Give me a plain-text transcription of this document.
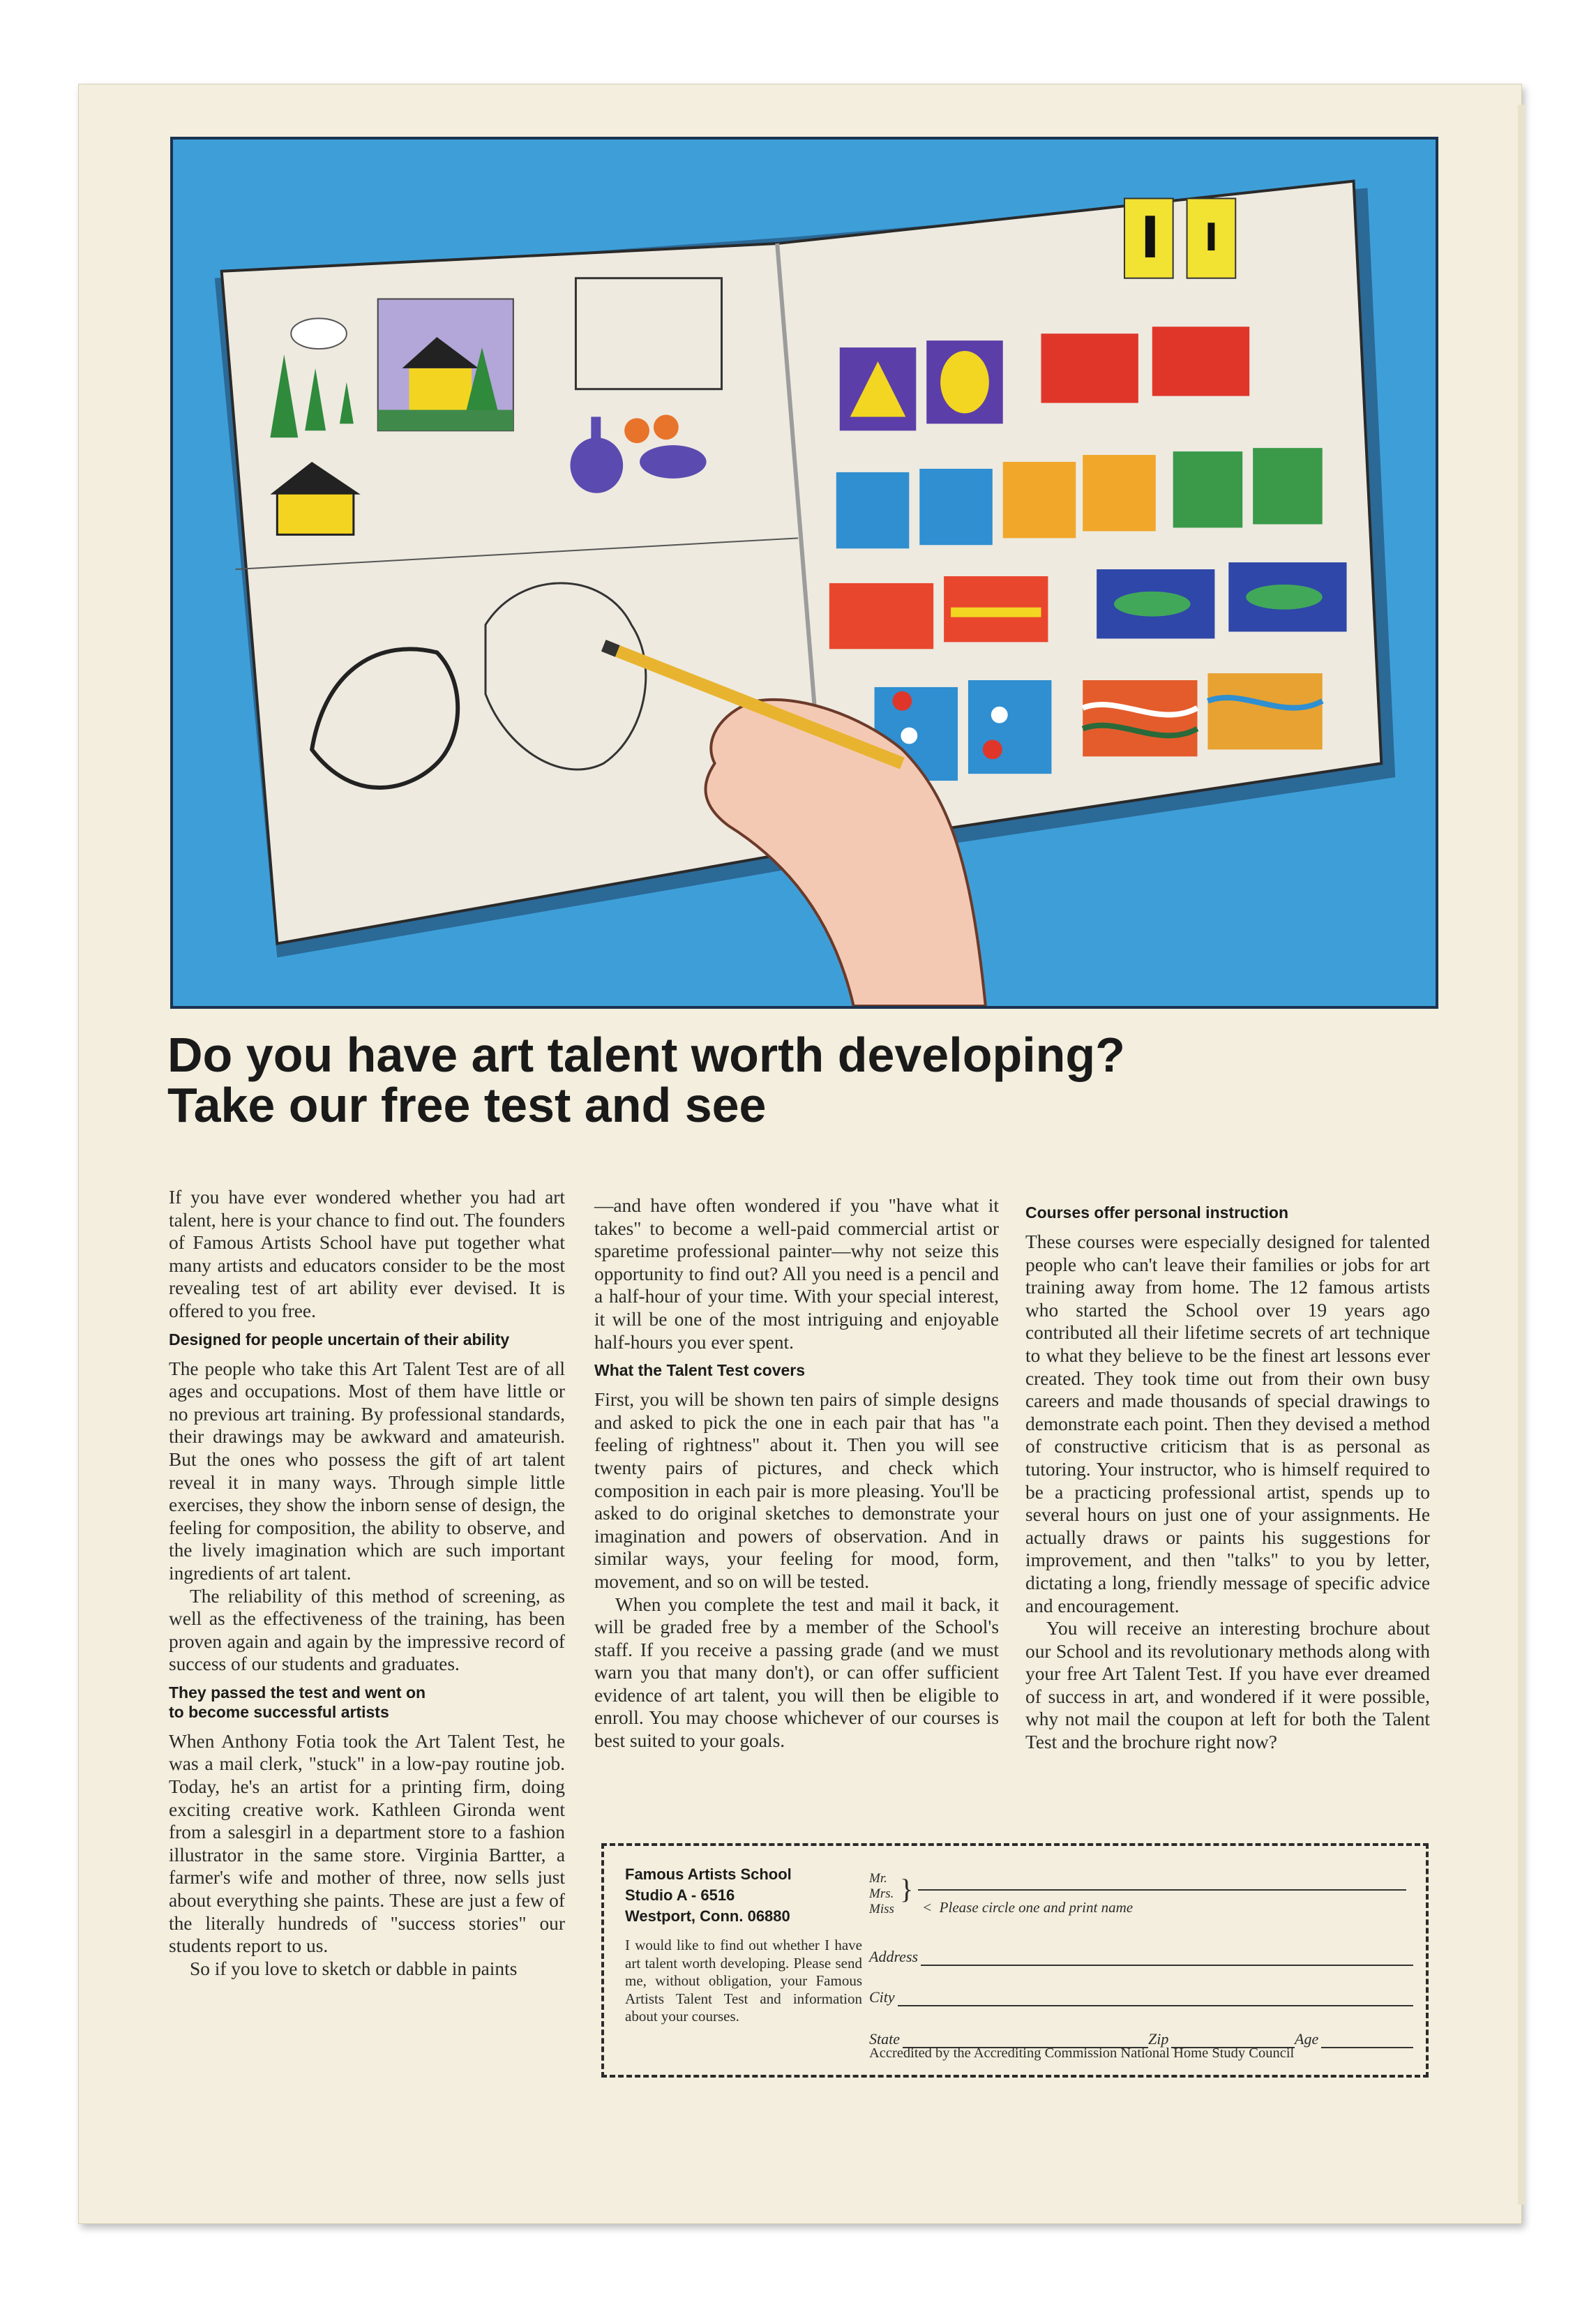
Do you have art talent worth developing?
Take our free test and see

If you have ever wondered whether you had art talent, here is your chance to find out. The founders of Famous Artists School have put together what many artists and educators consider to be the most revealing test of art ability ever devised. It is offered to you free.

Designed for people uncertain of their ability

The people who take this Art Talent Test are of all ages and occupations. Most of them have little or no previous art training. By professional standards, their drawings may be awkward and amateurish. But the ones who possess the gift of art talent reveal it in many ways. Through simple little exercises, they show the inborn sense of design, the feeling for composition, the ability to observe, and the lively imagination which are such important ingredients of art talent.

The reliability of this method of screening, as well as the effectiveness of the training, has been proven again and again by the impressive record of success of our students and graduates.

They passed the test and went on
to become successful artists

When Anthony Fotia took the Art Talent Test, he was a mail clerk, "stuck" in a low-pay routine job. Today, he's an artist for a printing firm, doing exciting creative work. Kathleen Gironda went from a salesgirl in a department store to a fashion illustrator in the same store. Virginia Bartter, a farmer's wife and mother of three, now sells just about everything she paints. These are just a few of the literally hundreds of "success stories" our students report to us.

So if you love to sketch or dabble in paints

—and have often wondered if you "have what it takes" to become a well-paid commercial artist or sparetime professional painter—why not seize this opportunity to find out? All you need is a pencil and a half-hour of your time. With your special interest, it will be one of the most intriguing and enjoyable half-hours you ever spent.

What the Talent Test covers

First, you will be shown ten pairs of simple designs and asked to pick the one in each pair that has "a feeling of rightness" about it. Then you will see twenty pairs of pictures, and check which composition in each pair is more pleasing. You'll be asked to do original sketches to demonstrate your imagination and powers of observation. And in similar ways, your feeling for mood, form, movement, and so on will be tested.

When you complete the test and mail it back, it will be graded free by a member of the School's staff. If you receive a passing grade (and we must warn you that many don't), or can offer sufficient evidence of art talent, you will then be eligible to enroll. You may choose whichever of our courses is best suited to your goals.

Courses offer personal instruction

These courses were especially designed for talented people who can't leave their families or jobs for art training away from home. The 12 famous artists who started the School over 19 years ago contributed all their lifetime secrets of art technique to what they believe to be the finest art lessons ever created. They took time out from their own busy careers and made thousands of special drawings to demonstrate each point. Then they devised a method of constructive criticism that is as personal as tutoring. Your instructor, who is himself required to be a practicing professional artist, spends up to several hours on just one of your assignments. He actually draws or paints his suggestions for improvement, and then "talks" to you by letter, dictating a long, friendly message of specific advice and encouragement.

You will receive an interesting brochure about our School and its revolutionary methods along with your free Art Talent Test. If you have ever dreamed of success in art, and wondered if it were possible, why not mail the coupon at left for both the Talent Test and the brochure right now?

Famous Artists School
Studio A - 6516
Westport, Conn. 06880
I would like to find out whether I have art talent worth developing. Please send me, without obligation, your Famous Artists Talent Test and information about your courses.
Mr.
Mrs.
Miss
}
<  Please circle one and print name
Address
City
State	Zip	Age
Accredited by the Accrediting Commission National Home Study Council
